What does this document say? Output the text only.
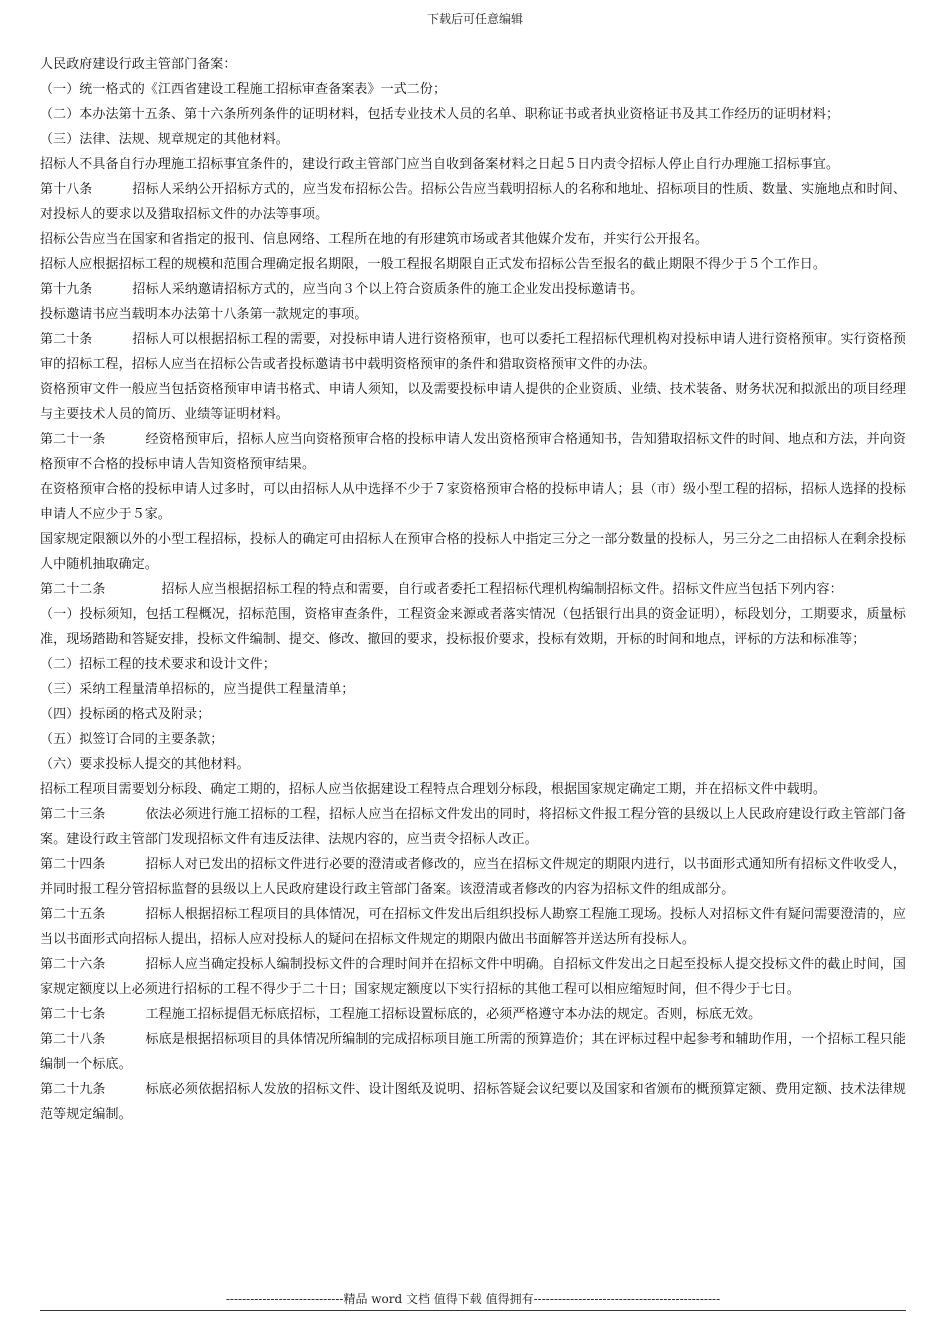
下载后可任意编辑

人民政府建设行政主管部门备案：

（一）统一格式的《江西省建设工程施工招标审查备案表》一式二份；

（二）本办法第十五条、第十六条所列条件的证明材料，包括专业技术人员的名单、职称证书或者执业资格证书及其工作经历的证明材料；

（三）法律、法规、规章规定的其他材料。

招标人不具备自行办理施工招标事宜条件的，建设行政主管部门应当自收到备案材料之日起５日内责令招标人停止自行办理施工招标事宜。

第十八条	招标人采纳公开招标方式的，应当发布招标公告。招标公告应当载明招标人的名称和地址、招标项目的性质、数量、实施地点和时间、对投标人的要求以及猎取招标文件的办法等事项。

招标公告应当在国家和省指定的报刊、信息网络、工程所在地的有形建筑市场或者其他媒介发布，并实行公开报名。

招标人应根据招标工程的规模和范围合理确定报名期限，一般工程报名期限自正式发布招标公告至报名的截止期限不得少于５个工作日。

第十九条	招标人采纳邀请招标方式的，应当向３个以上符合资质条件的施工企业发出投标邀请书。

投标邀请书应当载明本办法第十八条第一款规定的事项。

第二十条	招标人可以根据招标工程的需要，对投标申请人进行资格预审，也可以委托工程招标代理机构对投标申请人进行资格预审。实行资格预审的招标工程，招标人应当在招标公告或者投标邀请书中载明资格预审的条件和猎取资格预审文件的办法。

资格预审文件一般应当包括资格预审申请书格式、申请人须知，以及需要投标申请人提供的企业资质、业绩、技术装备、财务状况和拟派出的项目经理与主要技术人员的简历、业绩等证明材料。

第二十一条	经资格预审后，招标人应当向资格预审合格的投标申请人发出资格预审合格通知书，告知猎取招标文件的时间、地点和方法，并向资格预审不合格的投标申请人告知资格预审结果。

在资格预审合格的投标申请人过多时，可以由招标人从中选择不少于７家资格预审合格的投标申请人；县（市）级小型工程的招标，招标人选择的投标申请人不应少于５家。

国家规定限额以外的小型工程招标，投标人的确定可由招标人在预审合格的投标人中指定三分之一部分数量的投标人，另三分之二由招标人在剩余投标人中随机抽取确定。

第二十二条	招标人应当根据招标工程的特点和需要，自行或者委托工程招标代理机构编制招标文件。招标文件应当包括下列内容：

（一）投标须知，包括工程概况，招标范围，资格审查条件，工程资金来源或者落实情况（包括银行出具的资金证明），标段划分，工期要求，质量标准，现场踏勘和答疑安排，投标文件编制、提交、修改、撤回的要求，投标报价要求，投标有效期，开标的时间和地点，评标的方法和标准等；

（二）招标工程的技术要求和设计文件；

（三）采纳工程量清单招标的，应当提供工程量清单；

（四）投标函的格式及附录；

（五）拟签订合同的主要条款；

（六）要求投标人提交的其他材料。

招标工程项目需要划分标段、确定工期的，招标人应当依据建设工程特点合理划分标段，根据国家规定确定工期，并在招标文件中载明。

第二十三条	依法必须进行施工招标的工程，招标人应当在招标文件发出的同时，将招标文件报工程分管的县级以上人民政府建设行政主管部门备案。建设行政主管部门发现招标文件有违反法律、法规内容的，应当责令招标人改正。

第二十四条	招标人对已发出的招标文件进行必要的澄清或者修改的，应当在招标文件规定的期限内进行，以书面形式通知所有招标文件收受人，并同时报工程分管招标监督的县级以上人民政府建设行政主管部门备案。该澄清或者修改的内容为招标文件的组成部分。

第二十五条	招标人根据招标工程项目的具体情况，可在招标文件发出后组织投标人勘察工程施工现场。投标人对招标文件有疑问需要澄清的，应当以书面形式向招标人提出，招标人应对投标人的疑问在招标文件规定的期限内做出书面解答并送达所有投标人。

第二十六条	招标人应当确定投标人编制投标文件的合理时间并在招标文件中明确。自招标文件发出之日起至投标人提交投标文件的截止时间，国家规定额度以上必须进行招标的工程不得少于二十日；国家规定额度以下实行招标的其他工程可以相应缩短时间，但不得少于七日。

第二十七条	工程施工招标提倡无标底招标，工程施工招标设置标底的，必须严格遵守本办法的规定。否则，标底无效。

第二十八条	标底是根据招标项目的具体情况所编制的完成招标项目施工所需的预算造价；其在评标过程中起参考和辅助作用，一个招标工程只能编制一个标底。

第二十九条	标底必须依据招标人发放的招标文件、设计图纸及说明、招标答疑会议纪要以及国家和省颁布的概预算定额、费用定额、技术法律规范等规定编制。

-----------------------------精品 word 文档 值得下载 值得拥有----------------------------------------------
